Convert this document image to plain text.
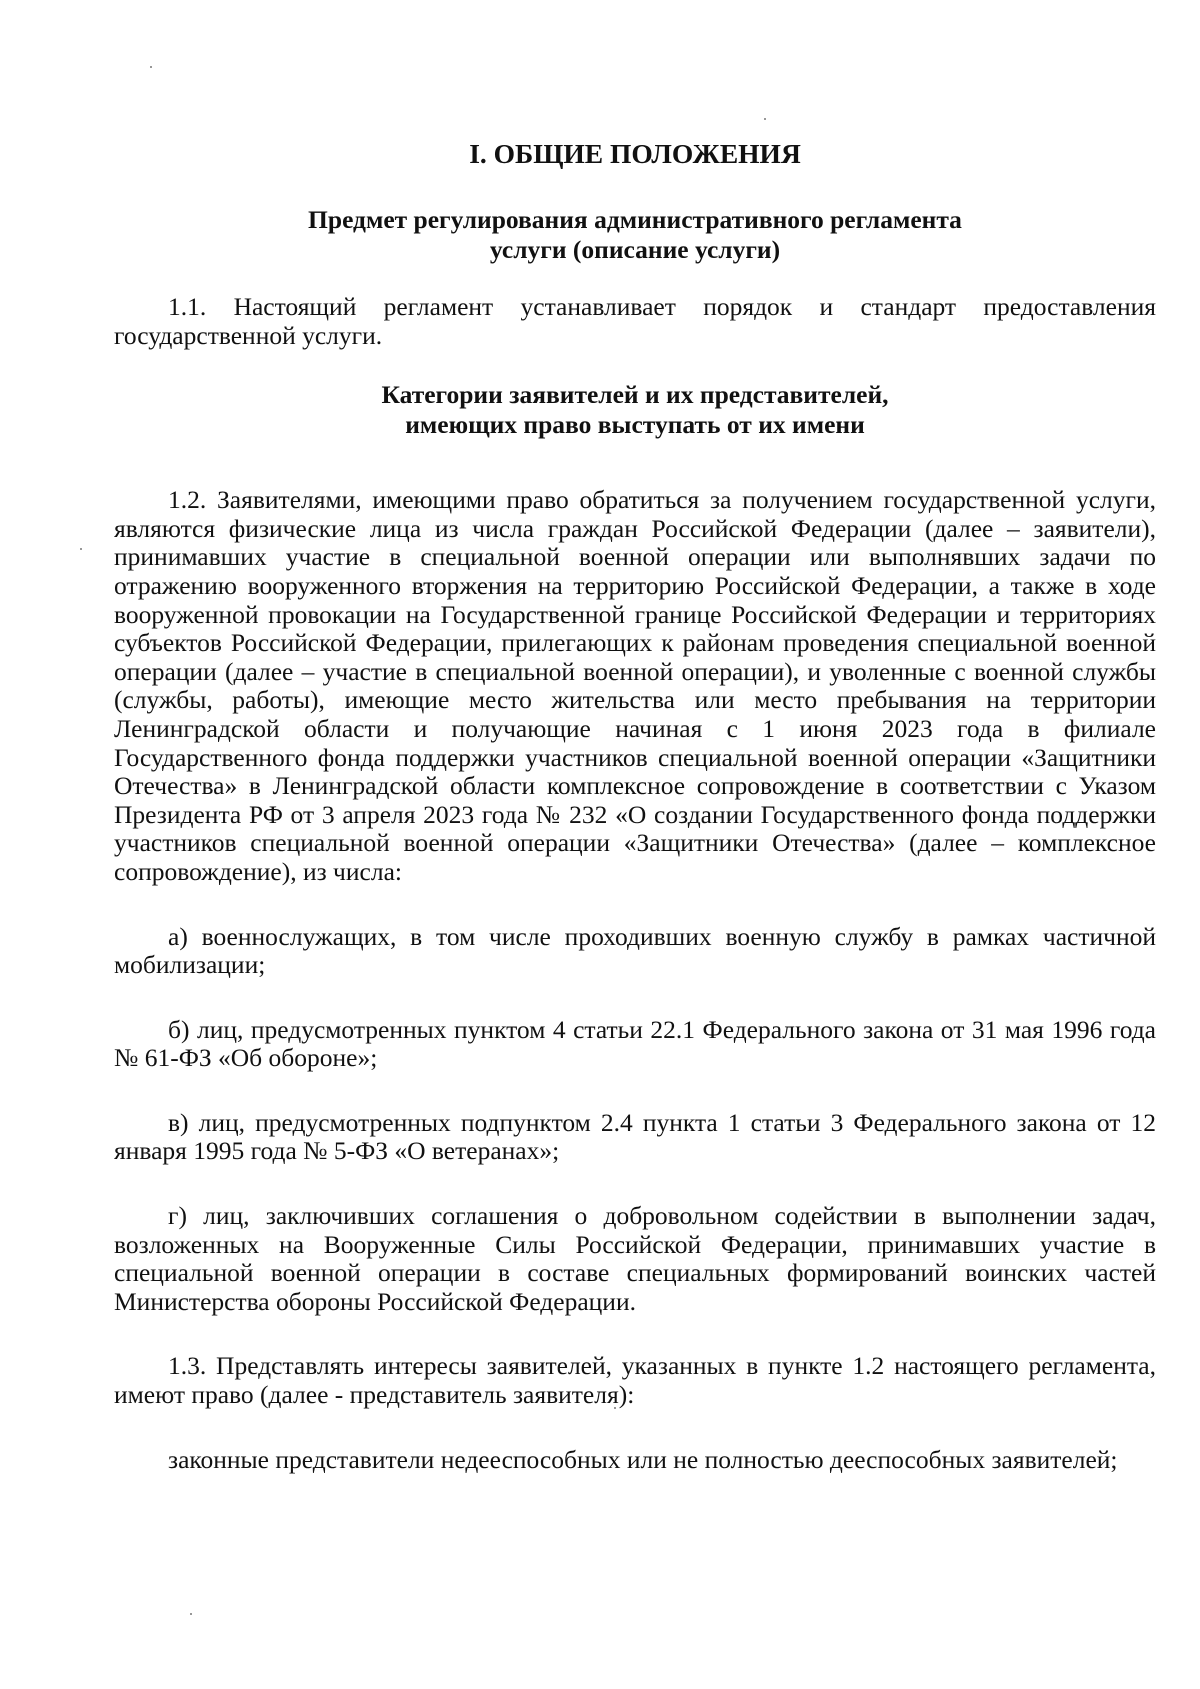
I. ОБЩИЕ ПОЛОЖЕНИЯ
Предмет регулирования административного регламента
услуги (описание услуги)

1.1. Настоящий регламент устанавливает порядок и стандарт предоставления государственной услуги.

Категории заявителей и их представителей,
имеющих право выступать от их имени

1.2. Заявителями, имеющими право обратиться за получением государственной услуги, являются физические лица из числа граждан Российской Федерации (далее – заявители), принимавших участие в специальной военной операции или выполнявших задачи по отражению вооруженного вторжения на территорию Российской Федерации, а также в ходе вооруженной провокации на Государственной границе Российской Федерации и территориях субъектов Российской Федерации, прилегающих к районам проведения специальной военной операции (далее – участие в специальной военной операции), и уволенные с военной службы (службы, работы), имеющие место жительства или место пребывания на территории Ленинградской области и получающие начиная с 1 июня 2023 года в филиале Государственного фонда поддержки участников специальной военной операции «Защитники Отечества» в Ленинградской области комплексное сопровождение в соответствии с Указом Президента РФ от 3 апреля 2023 года № 232 «О создании Государственного фонда поддержки участников специальной военной операции «Защитники Отечества» (далее – комплексное сопровождение), из числа:

а) военнослужащих, в том числе проходивших военную службу в рамках частичной мобилизации;

б) лиц, предусмотренных пунктом 4 статьи 22.1 Федерального закона от 31 мая 1996 года № 61-ФЗ «Об обороне»;

в) лиц, предусмотренных подпунктом 2.4 пункта 1 статьи 3 Федерального закона от 12 января 1995 года № 5-ФЗ «О ветеранах»;

г) лиц, заключивших соглашения о добровольном содействии в выполнении задач, возложенных на Вооруженные Силы Российской Федерации, принимавших участие в специальной военной операции в составе специальных формирований воинских частей Министерства обороны Российской Федерации.

1.3. Представлять интересы заявителей, указанных в пункте 1.2 настоящего регламента, имеют право (далее - представитель заявителя):

законные представители недееспособных или не полностью дееспособных заявителей;
